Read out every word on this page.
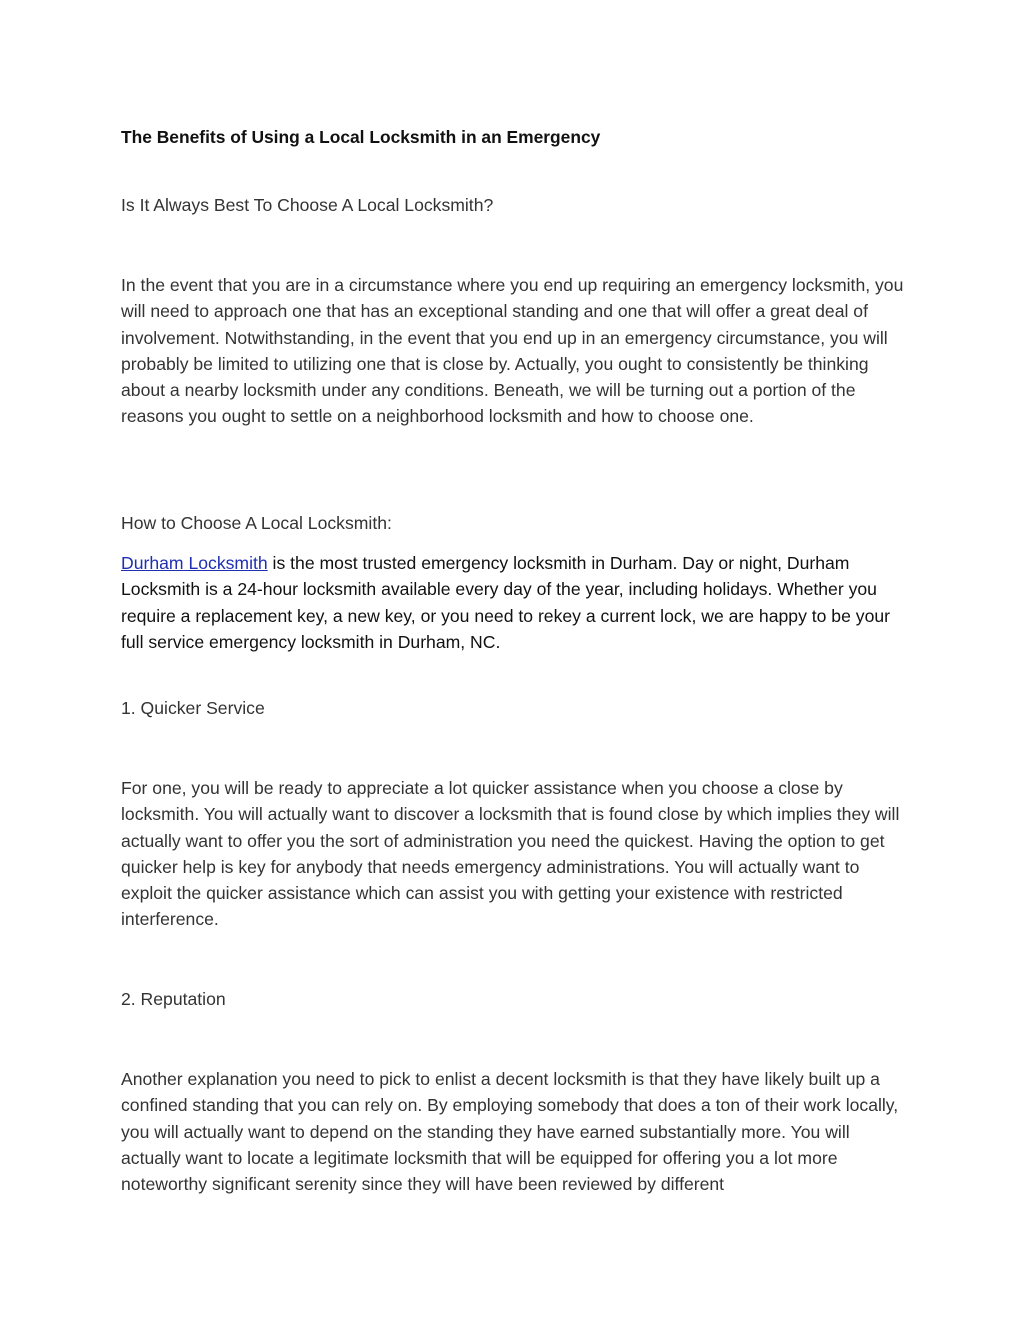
The Benefits of Using a Local Locksmith in an Emergency

Is It Always Best To Choose A Local Locksmith?

In the event that you are in a circumstance where you end up requiring an emergency locksmith, you will need to approach one that has an exceptional standing and one that will offer a great deal of involvement. Notwithstanding, in the event that you end up in an emergency circumstance, you will probably be limited to utilizing one that is close by. Actually, you ought to consistently be thinking about a nearby locksmith under any conditions. Beneath, we will be turning out a portion of the reasons you ought to settle on a neighborhood locksmith and how to choose one.

How to Choose A Local Locksmith:

Durham Locksmith is the most trusted emergency locksmith in Durham. Day or night, Durham Locksmith is a 24-hour locksmith available every day of the year, including holidays. Whether you require a replacement key, a new key, or you need to rekey a current lock, we are happy to be your full service emergency locksmith in Durham, NC.

1. Quicker Service

For one, you will be ready to appreciate a lot quicker assistance when you choose a close by locksmith. You will actually want to discover a locksmith that is found close by which implies they will actually want to offer you the sort of administration you need the quickest. Having the option to get quicker help is key for anybody that needs emergency administrations. You will actually want to exploit the quicker assistance which can assist you with getting your existence with restricted interference.

2. Reputation

Another explanation you need to pick to enlist a decent locksmith is that they have likely built up a confined standing that you can rely on. By employing somebody that does a ton of their work locally, you will actually want to depend on the standing they have earned substantially more. You will actually want to locate a legitimate locksmith that will be equipped for offering you a lot more noteworthy significant serenity since they will have been reviewed by different
